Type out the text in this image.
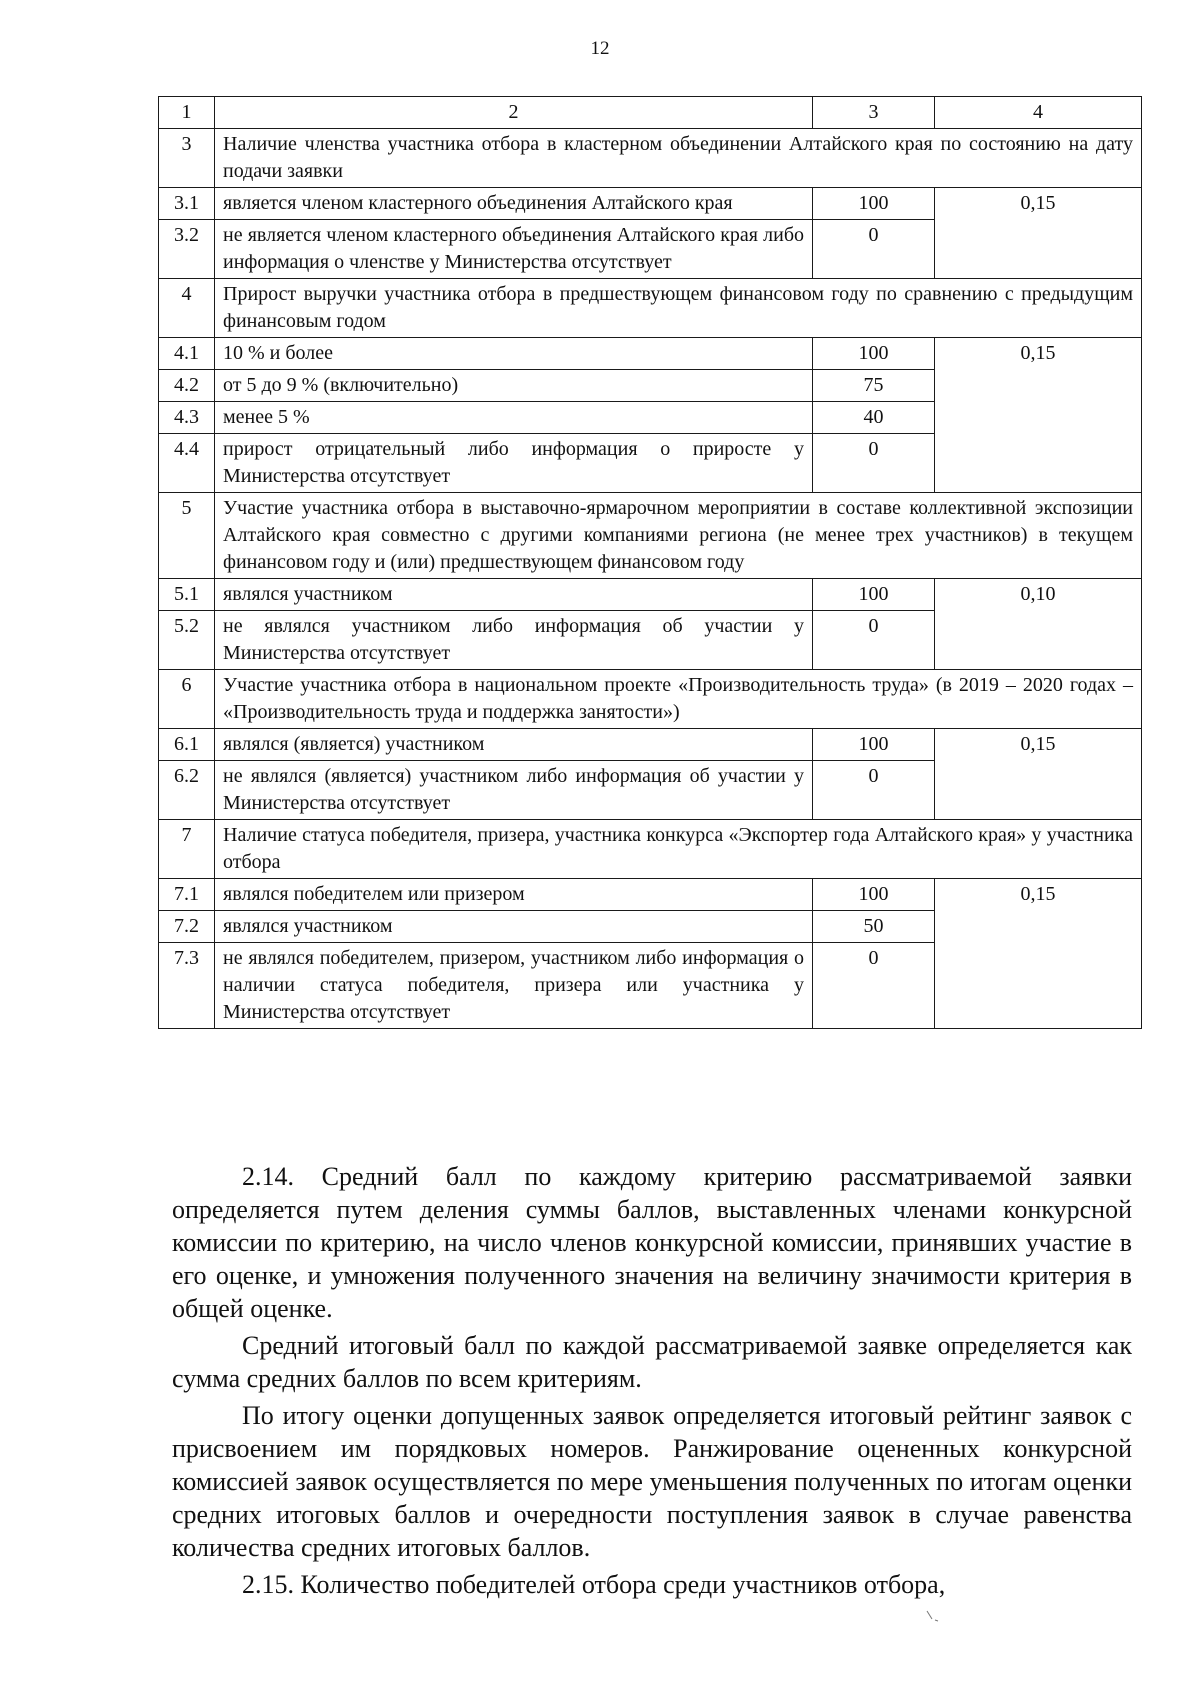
12
1	2	3	4
3	Наличие членства участника отбора в кластерном объединении Алтайского края по состоянию на дату подачи заявки		
3.1	является членом кластерного объединения Алтайского края	100	0,15
3.2	не является членом кластерного объединения Алтайского края либо информация о членстве у Министерства отсутствует	0	
4	Прирост выручки участника отбора в предшествующем финансовом году по сравнению с предыдущим финансовым годом		
4.1	10 % и более	100	0,15
4.2	от 5 до 9 % (включительно)	75	
4.3	менее 5 %	40	
4.4	прирост отрицательный либо информация о приросте у Министерства отсутствует	0	
5	Участие участника отбора в выставочно-ярмарочном мероприятии в составе коллективной экспозиции Алтайского края совместно с другими компаниями региона (не менее трех участников) в текущем финансовом году и (или) предшествующем финансовом году		
5.1	являлся участником	100	0,10
5.2	не являлся участником либо информация об участии у Министерства отсутствует	0	
6	Участие участника отбора в национальном проекте «Производительность труда» (в 2019 – 2020 годах – «Производительность труда и поддержка занятости»)		
6.1	являлся (является) участником	100	0,15
6.2	не являлся (является) участником либо информация об участии у Министерства отсутствует	0	
7	Наличие статуса победителя, призера, участника конкурса «Экспортер года Алтайского края» у участника отбора		
7.1	являлся победителем или призером	100	0,15
7.2	являлся участником	50	
7.3	не являлся победителем, призером, участником либо информация о наличии статуса победителя, призера или участника у Министерства отсутствует	0	

2.14. Средний балл по каждому критерию рассматриваемой заявки определяется путем деления суммы баллов, выставленных членами конкурсной комиссии по критерию, на число членов конкурсной комиссии, принявших участие в его оценке, и умножения полученного значения на величину значимости критерия в общей оценке.

Средний итоговый балл по каждой рассматриваемой заявке определяется как сумма средних баллов по всем критериям.

По итогу оценки допущенных заявок определяется итоговый рейтинг заявок с присвоением им порядковых номеров. Ранжирование оцененных конкурсной комиссией заявок осуществляется по мере уменьшения полученных по итогам оценки средних итоговых баллов и очередности поступления заявок в случае равенства количества средних итоговых баллов.

2.15. Количество победителей отбора среди участников отбора,
